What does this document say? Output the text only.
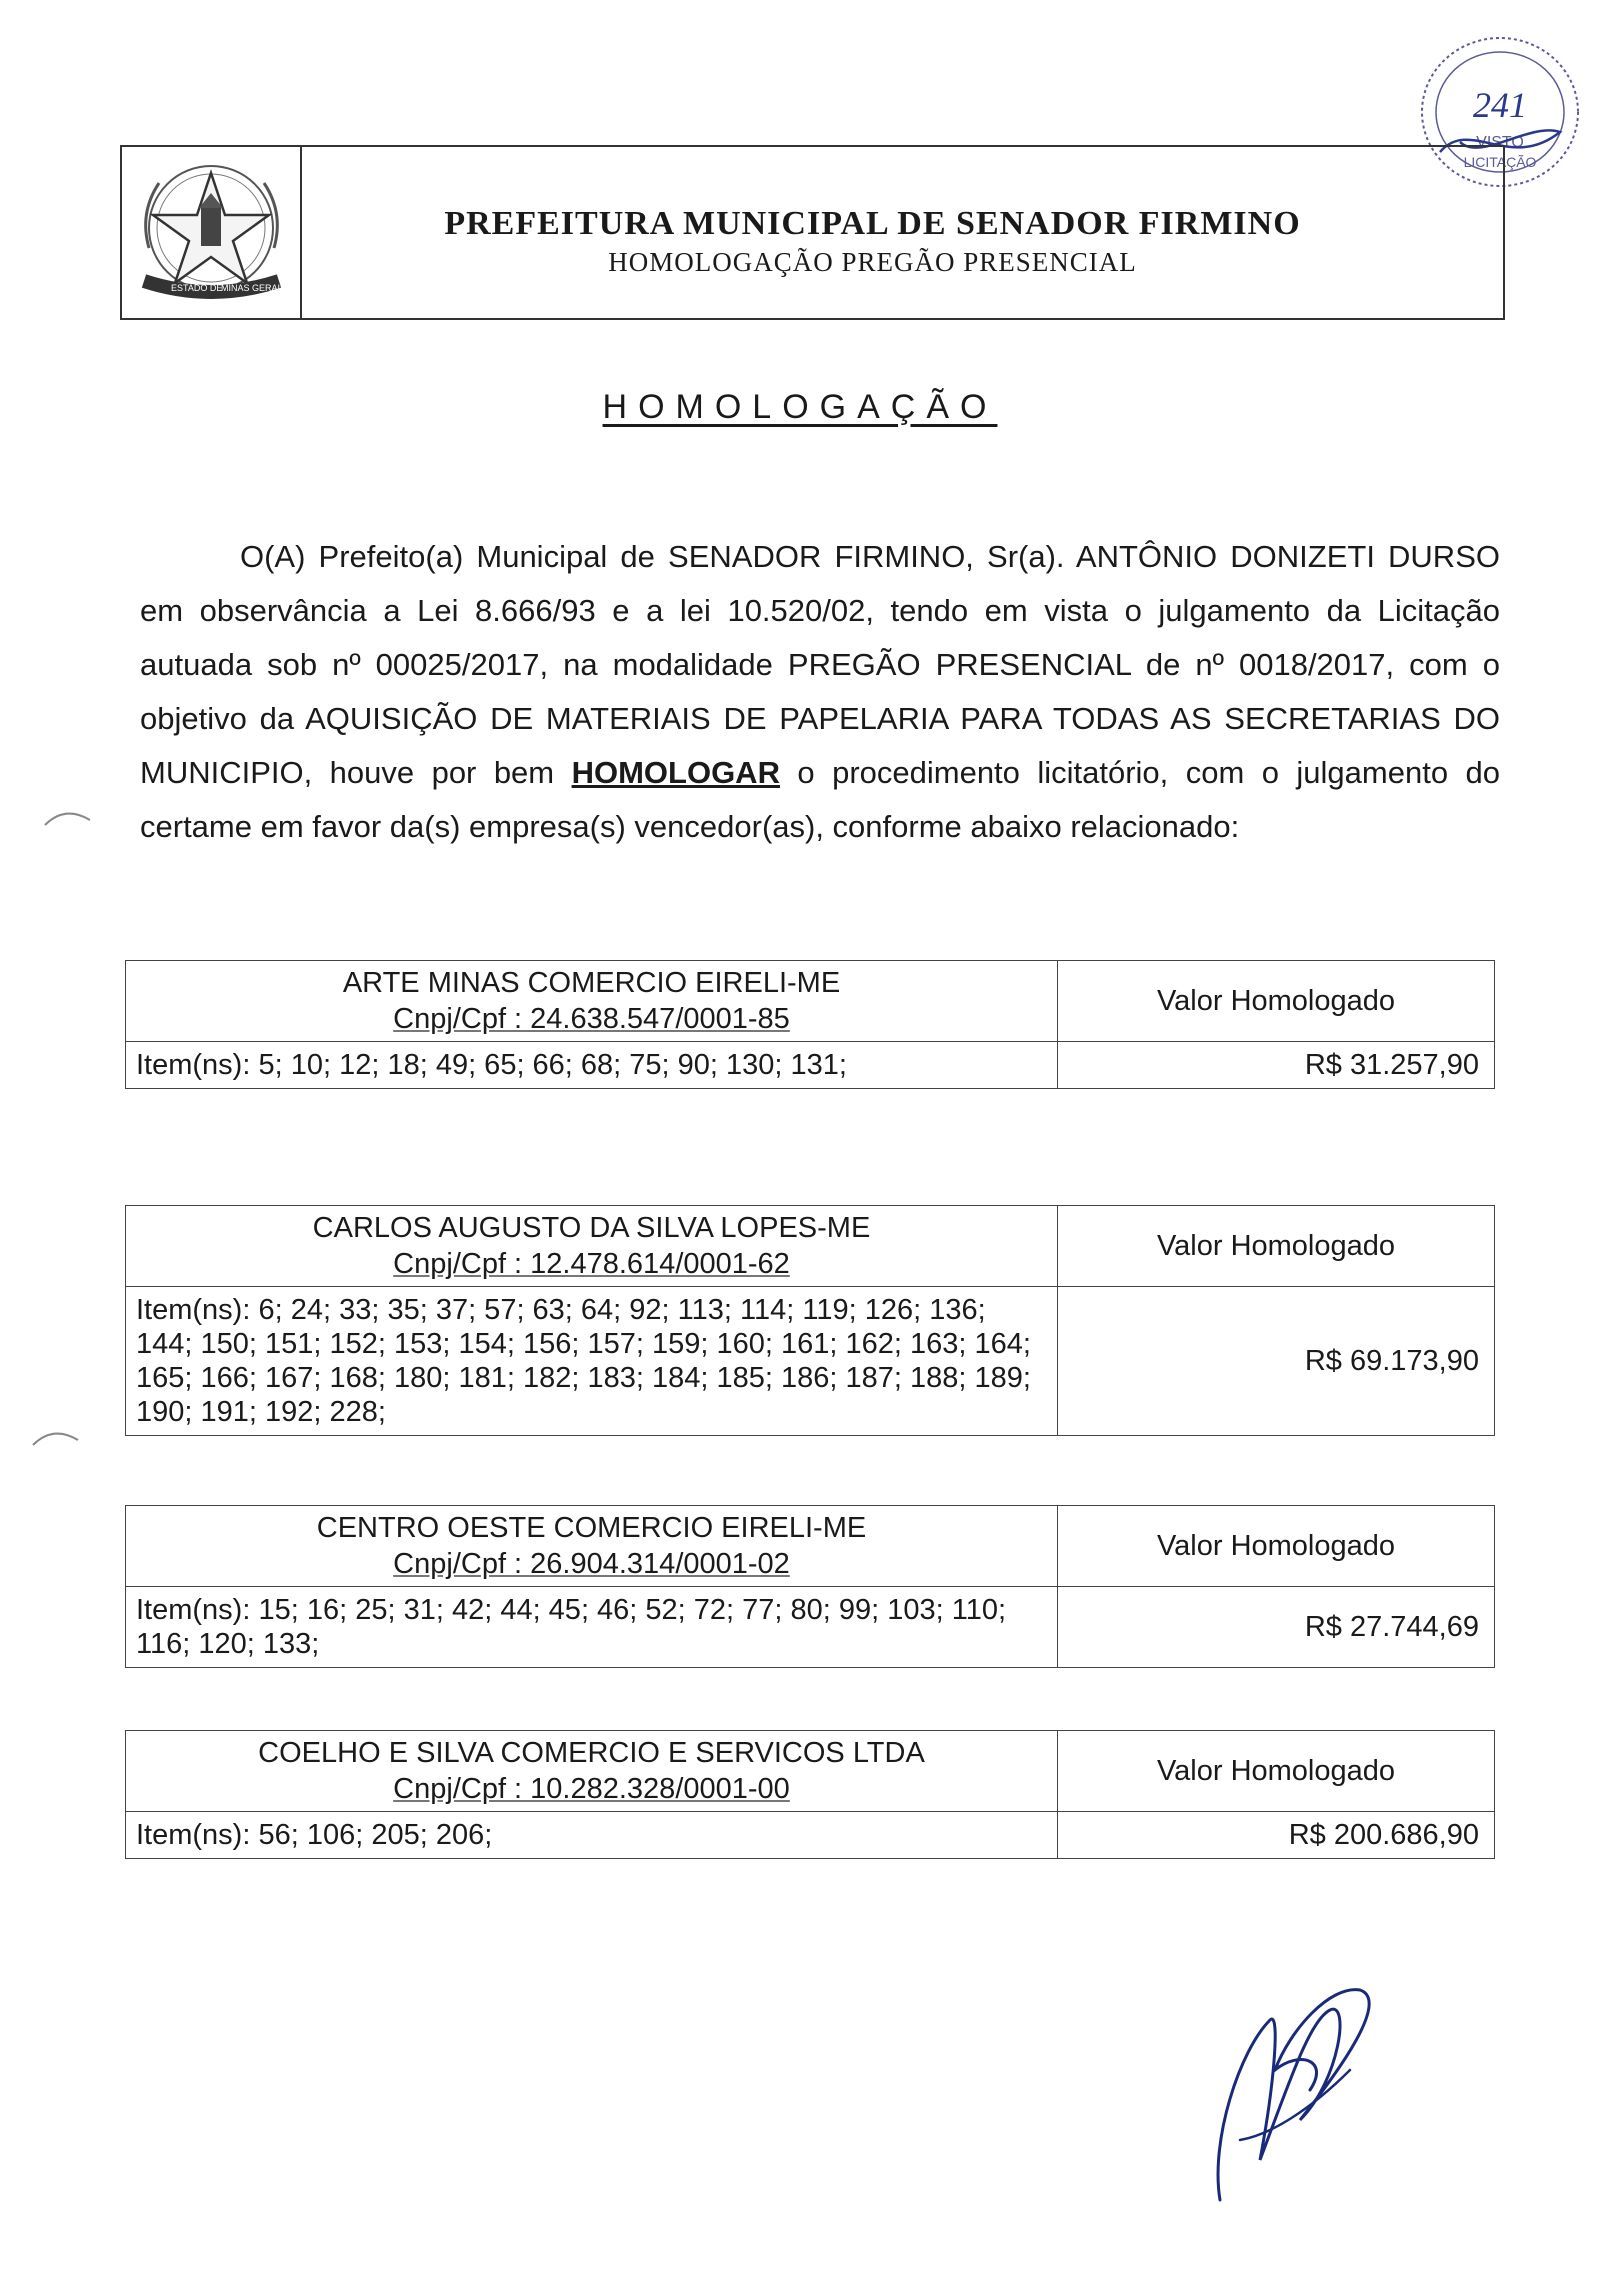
241
VISTO
LICITAÇÃO
ESTADO DE
MINAS GERAIS
PREFEITURA MUNICIPAL DE SENADOR FIRMINO
HOMOLOGAÇÃO PREGÃO PRESENCIAL
HOMOLOGAÇÃO

O(A) Prefeito(a) Municipal de SENADOR FIRMINO, Sr(a). ANTÔNIO DONIZETI DURSO em observância a Lei 8.666/93 e a lei 10.520/02, tendo em vista o julgamento da Licitação autuada sob nº 00025/2017, na modalidade PREGÃO PRESENCIAL de nº 0018/2017, com o objetivo da AQUISIÇÃO DE MATERIAIS DE PAPELARIA PARA TODAS AS SECRETARIAS DO MUNICIPIO, houve por bem HOMOLOGAR o procedimento licitatório, com o julgamento do certame em favor da(s) empresa(s) vencedor(as), conforme abaixo relacionado:

ARTE MINAS COMERCIO EIRELI-ME
Cnpj/Cpf : 24.638.547/0001-85
Valor Homologado
Item(ns): 5; 10; 12; 18; 49; 65; 66; 68; 75; 90; 130; 131;	R$ 31.257,90
CARLOS AUGUSTO DA SILVA LOPES-ME
Cnpj/Cpf : 12.478.614/0001-62
Valor Homologado
Item(ns): 6; 24; 33; 35; 37; 57; 63; 64; 92; 113; 114; 119; 126; 136; 144; 150; 151; 152; 153; 154; 156; 157; 159; 160; 161; 162; 163; 164; 165; 166; 167; 168; 180; 181; 182; 183; 184; 185; 186; 187; 188; 189; 190; 191; 192; 228;
R$ 69.173,90
CENTRO OESTE COMERCIO EIRELI-ME
Cnpj/Cpf : 26.904.314/0001-02
Valor Homologado
Item(ns): 15; 16; 25; 31; 42; 44; 45; 46; 52; 72; 77; 80; 99; 103; 110; 116; 120; 133;
R$ 27.744,69
COELHO E SILVA COMERCIO E SERVICOS LTDA
Cnpj/Cpf : 10.282.328/0001-00
Valor Homologado
Item(ns): 56; 106; 205; 206;	R$ 200.686,90
